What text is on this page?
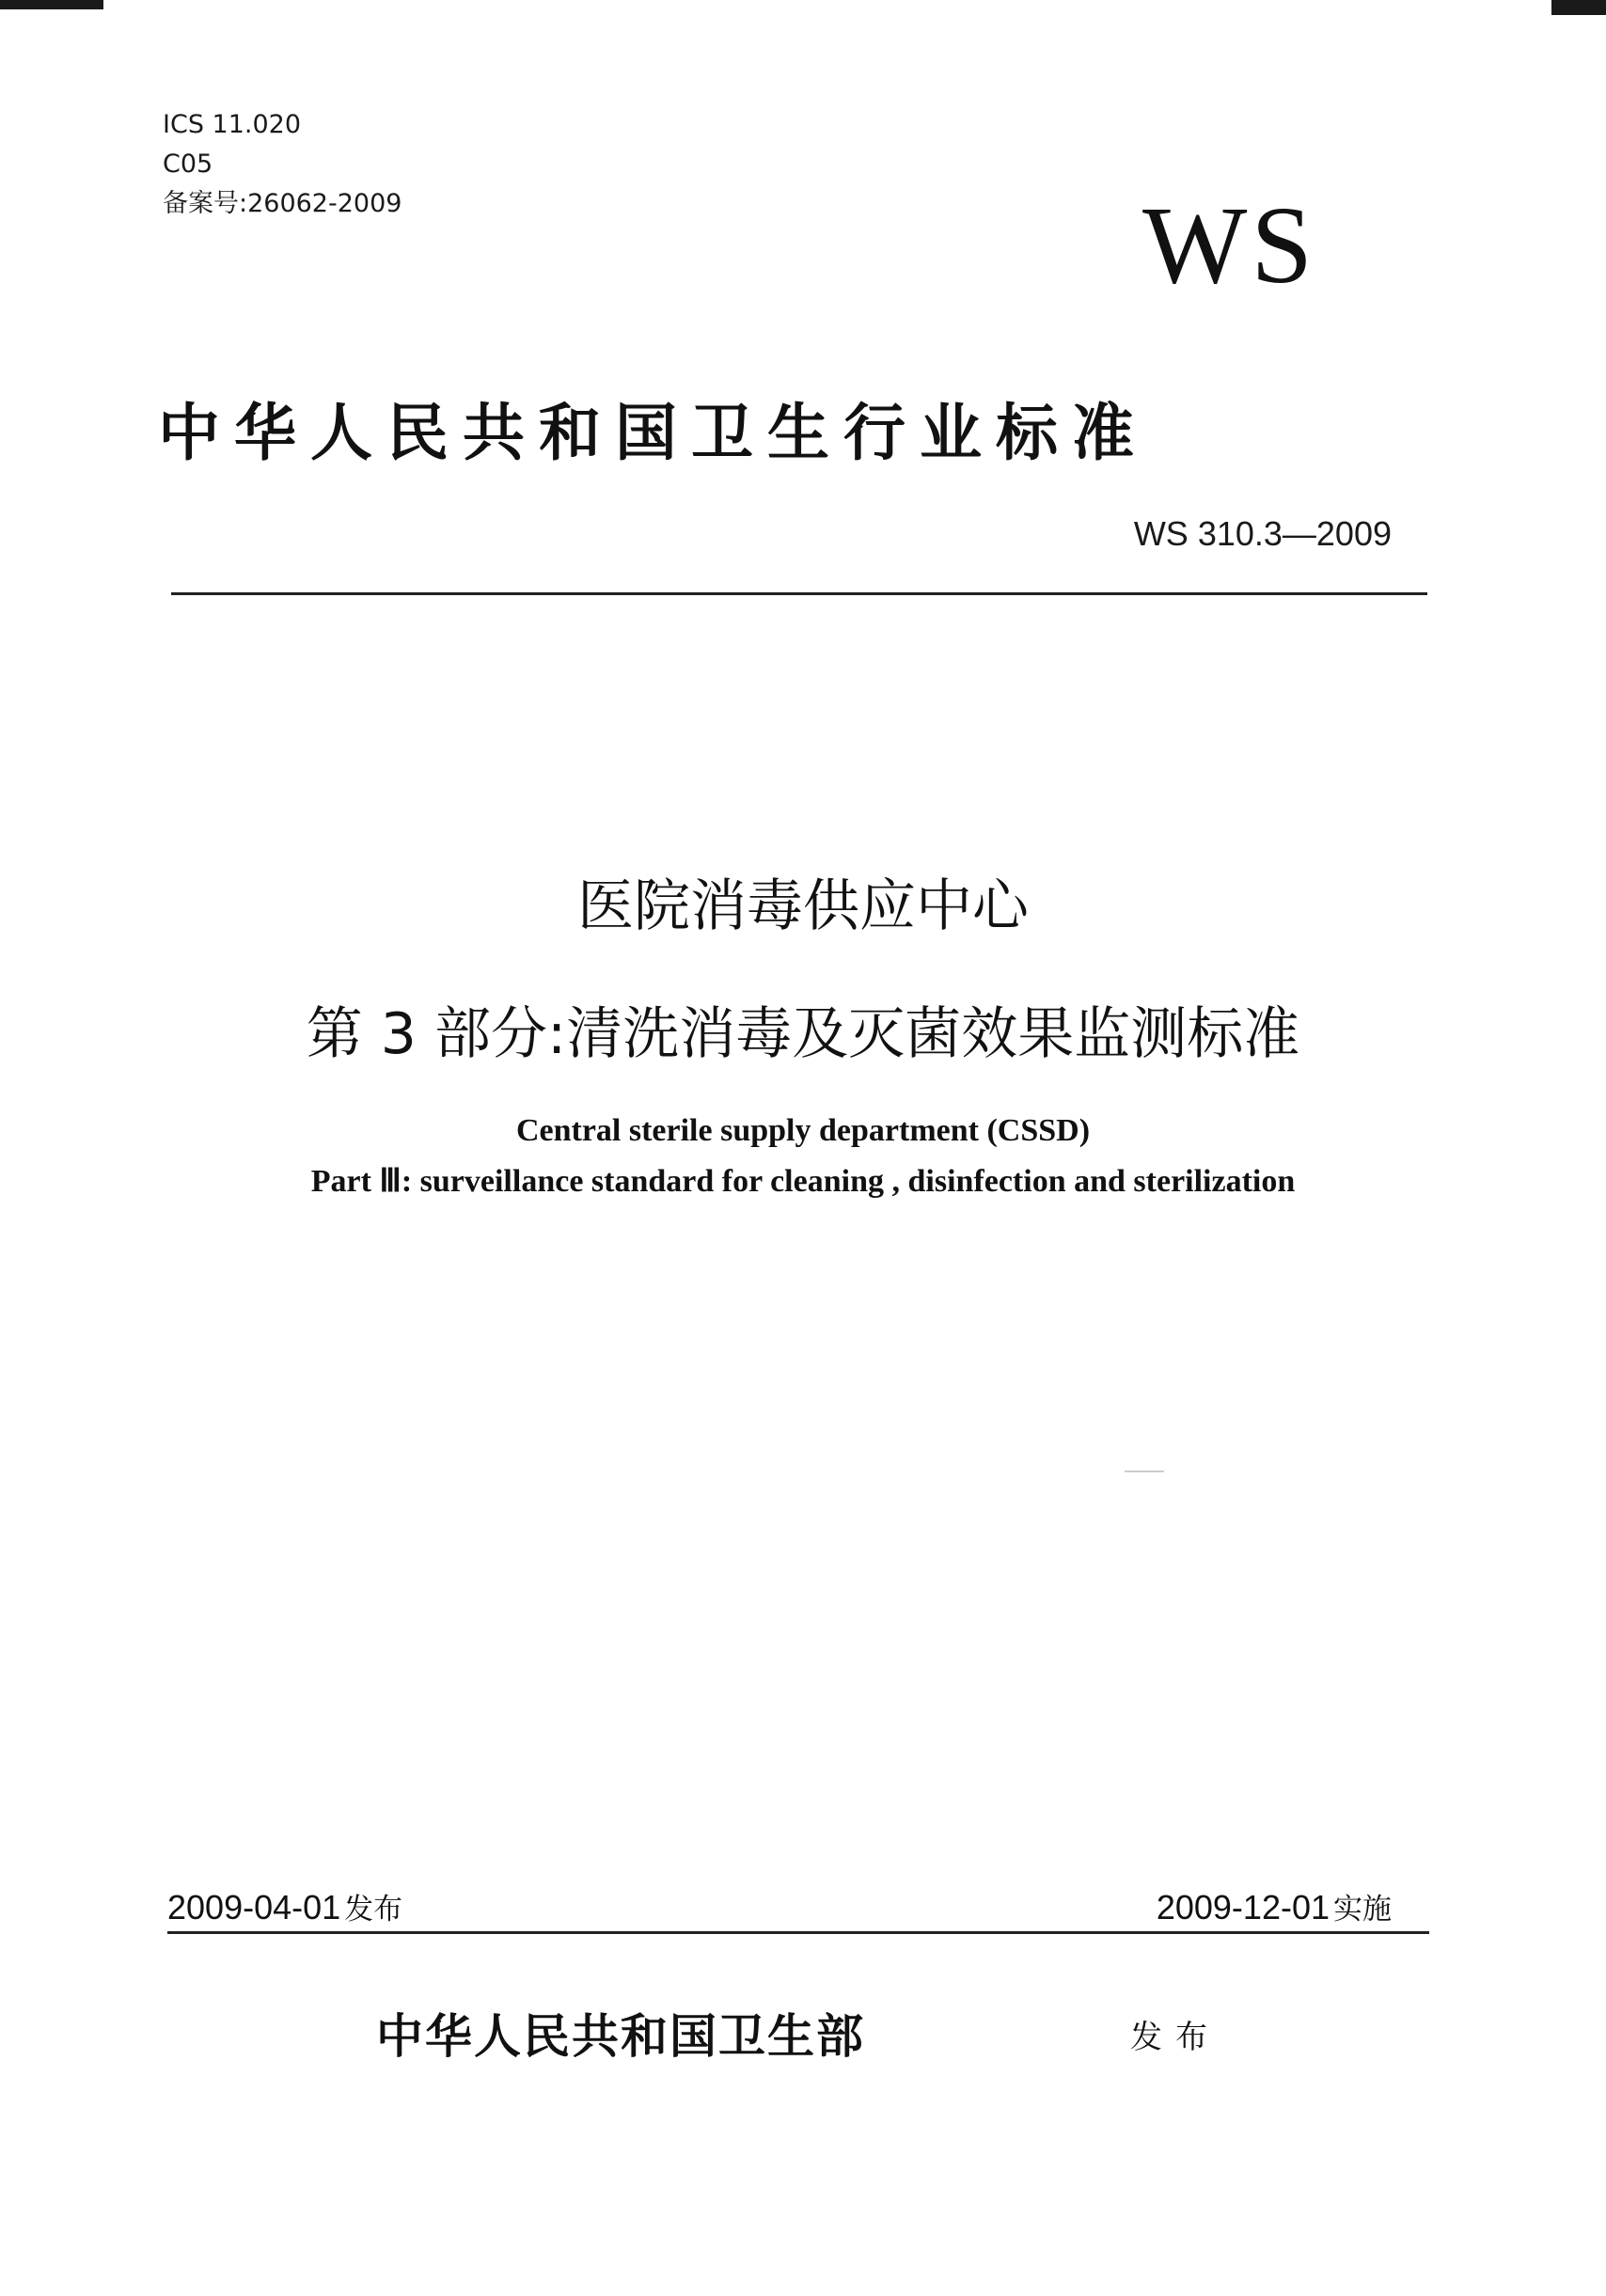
ICS 11.020
C05
备案号:26062-2009	WS
中华人民共和国卫生行业标准
WS 310.3—2009
医院消毒供应中心
第 3 部分:清洗消毒及灭菌效果监测标准
Central sterile supply department (CSSD)
Part Ⅲ: surveillance standard for cleaning , disinfection and sterilization
2009-04-01 发布	2009-12-01 实施
中华人民共和国卫生部	发布
